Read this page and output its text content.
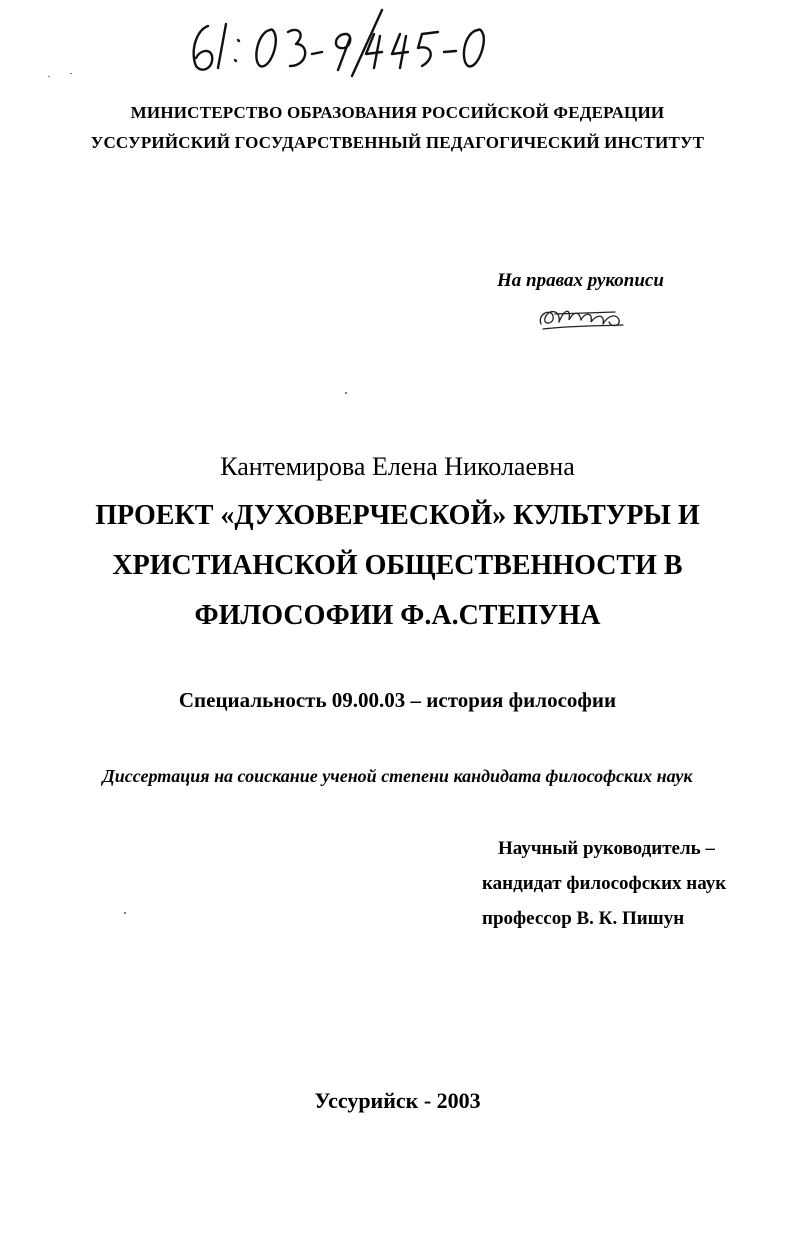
МИНИСТЕРСТВО ОБРАЗОВАНИЯ РОССИЙСКОЙ ФЕДЕРАЦИИ
УССУРИЙСКИЙ ГОСУДАРСТВЕННЫЙ ПЕДАГОГИЧЕСКИЙ ИНСТИТУТ
На правах рукописи
Кантемирова Елена Николаевна
ПРОЕКТ «ДУХОВЕРЧЕСКОЙ» КУЛЬТУРЫ И
ХРИСТИАНСКОЙ ОБЩЕСТВЕННОСТИ В
ФИЛОСОФИИ Ф.А.СТЕПУНА
Специальность 09.00.03 – история философии
Диссертация на соискание ученой степени кандидата философских наук
Научный руководитель –
кандидат философских наук
профессор В. К. Пишун
Уссурийск - 2003
